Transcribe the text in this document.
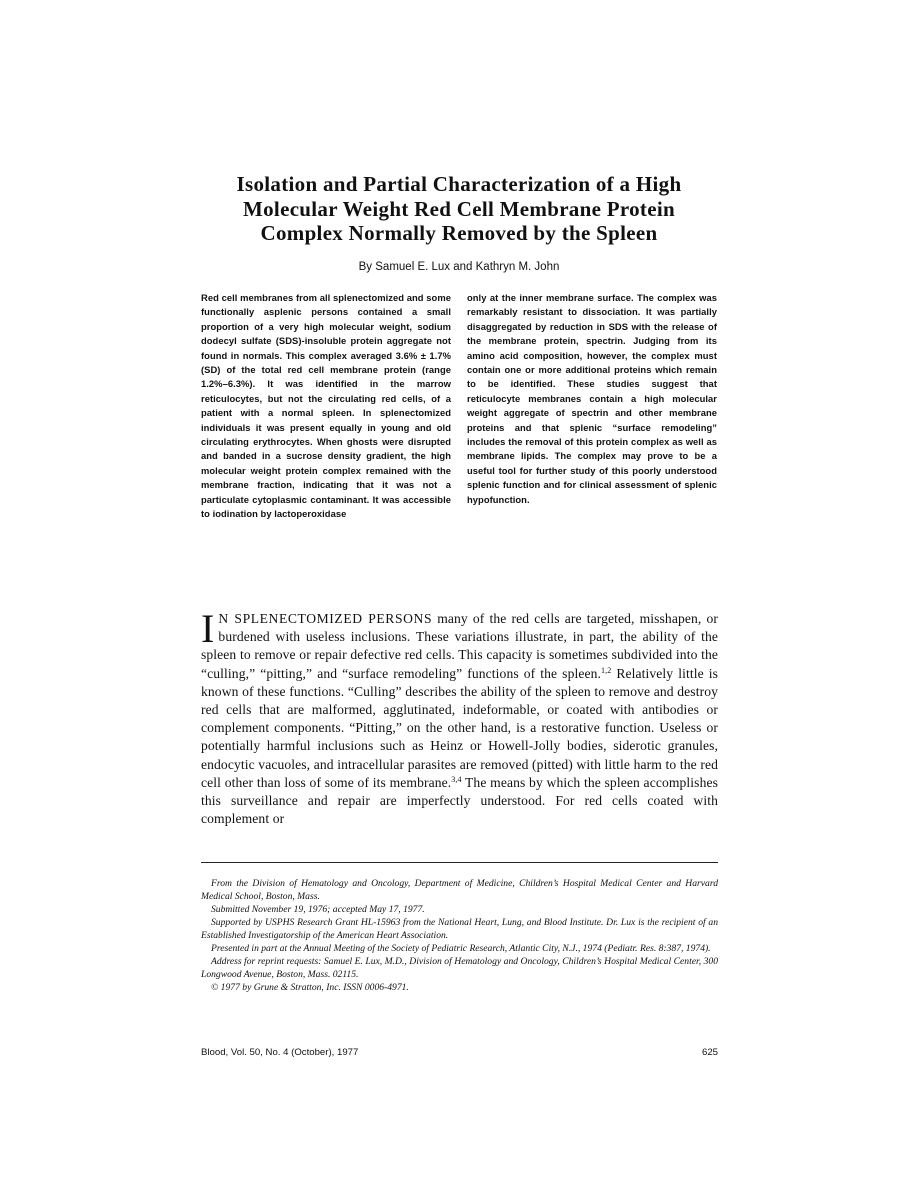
Isolation and Partial Characterization of a High Molecular Weight Red Cell Membrane Protein Complex Normally Removed by the Spleen
By Samuel E. Lux and Kathryn M. John

Red cell membranes from all splenectomized and some functionally asplenic persons contained a small proportion of a very high molecular weight, sodium dodecyl sulfate (SDS)-insoluble protein aggregate not found in normals. This complex averaged 3.6% ± 1.7% (SD) of the total red cell membrane protein (range 1.2%–6.3%). It was identified in the marrow reticulocytes, but not the circulating red cells, of a patient with a normal spleen. In splenectomized individuals it was present equally in young and old circulating erythrocytes. When ghosts were disrupted and banded in a sucrose density gradient, the high molecular weight protein complex remained with the membrane fraction, indicating that it was not a particulate cytoplasmic contaminant. It was accessible to iodination by lactoperoxidase

only at the inner membrane surface. The complex was remarkably resistant to dissociation. It was partially disaggregated by reduction in SDS with the release of the membrane protein, spectrin. Judging from its amino acid composition, however, the complex must contain one or more additional proteins which remain to be identified. These studies suggest that reticulocyte membranes contain a high molecular weight aggregate of spectrin and other membrane proteins and that splenic “surface remodeling” includes the removal of this protein complex as well as membrane lipids. The complex may prove to be a useful tool for further study of this poorly understood splenic function and for clinical assessment of splenic hypofunction.

I N SPLENECTOMIZED PERSONS many of the red cells are targeted, misshapen, or burdened with useless inclusions. These variations illustrate, in part, the ability of the spleen to remove or repair defective red cells. This capacity is sometimes subdivided into the “culling,” “pitting,” and “surface remodeling” functions of the spleen.$^{1,2}$ Relatively little is known of these functions. “Culling” describes the ability of the spleen to remove and destroy red cells that are malformed, agglutinated, indeformable, or coated with antibodies or complement components. “Pitting,” on the other hand, is a restorative function. Useless or potentially harmful inclusions such as Heinz or Howell-Jolly bodies, siderotic granules, endocytic vacuoles, and intracellular parasites are removed (pitted) with little harm to the red cell other than loss of some of its membrane.$^{3,4}$ The means by which the spleen accomplishes this surveillance and repair are imperfectly understood. For red cells coated with complement or

From the Division of Hematology and Oncology, Department of Medicine, Children’s Hospital Medical Center and Harvard Medical School, Boston, Mass.

Submitted November 19, 1976; accepted May 17, 1977.

Supported by USPHS Research Grant HL-15963 from the National Heart, Lung, and Blood Institute. Dr. Lux is the recipient of an Established Investigatorship of the American Heart Association.

Presented in part at the Annual Meeting of the Society of Pediatric Research, Atlantic City, N.J., 1974 (Pediatr. Res. 8:387, 1974).

Address for reprint requests: Samuel E. Lux, M.D., Division of Hematology and Oncology, Children’s Hospital Medical Center, 300 Longwood Avenue, Boston, Mass. 02115.

© 1977 by Grune & Stratton, Inc. ISSN 0006-4971.

Blood, Vol. 50, No. 4 (October), 1977	625
